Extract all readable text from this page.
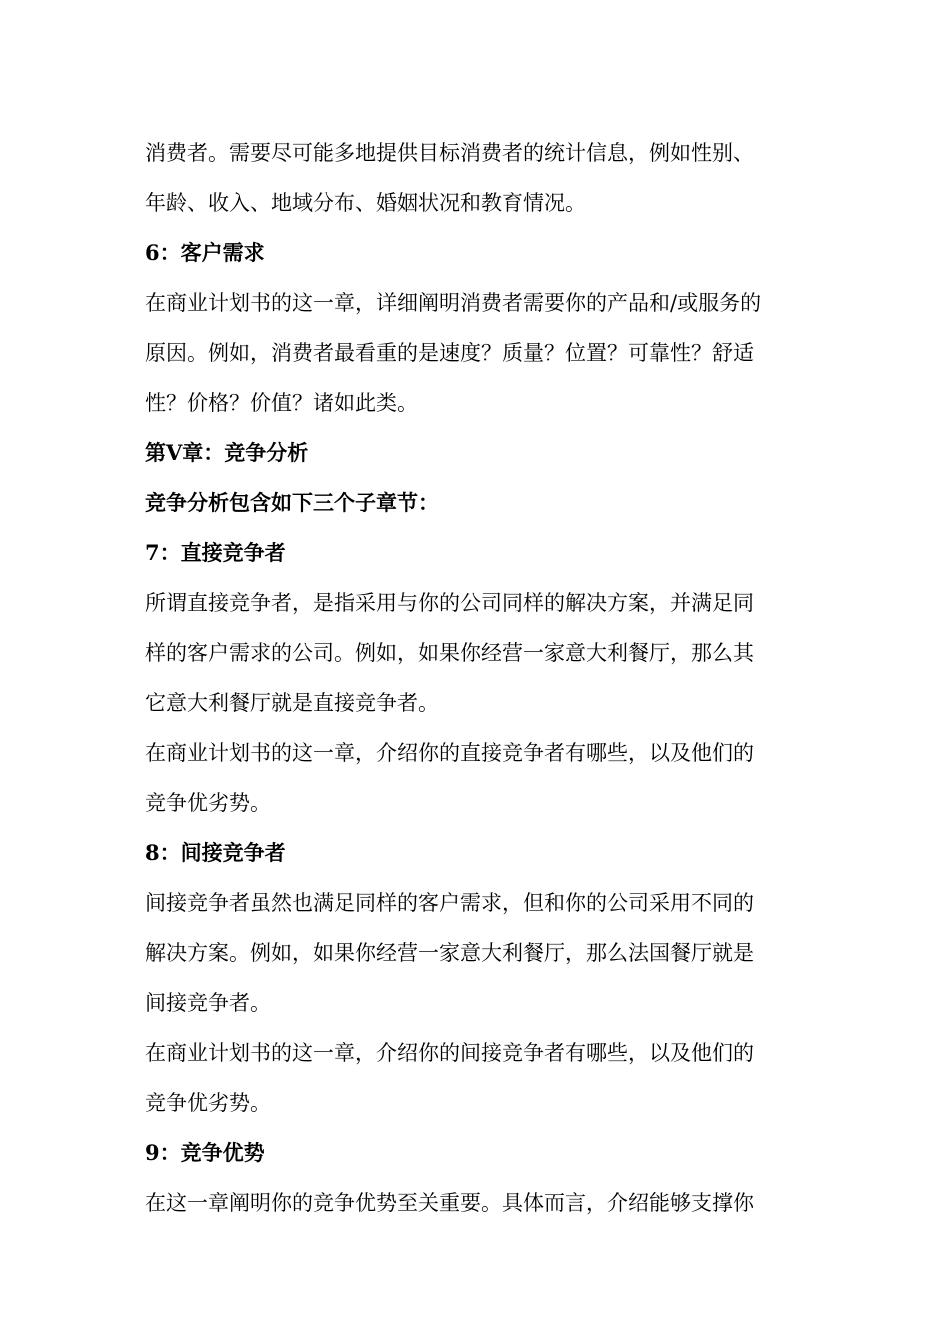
消费者。需要尽可能多地提供目标消费者的统计信息，例如性别、
年龄、收入、地域分布、婚姻状况和教育情况。
6：客户需求
在商业计划书的这一章，详细阐明消费者需要你的产品和/或服务的
原因。例如，消费者最看重的是速度？质量？位置？可靠性？舒适
性？价格？价值？诸如此类。
第Ⅴ章：竞争分析
竞争分析包含如下三个子章节：
7：直接竞争者
所谓直接竞争者，是指采用与你的公司同样的解决方案，并满足同
样的客户需求的公司。例如，如果你经营一家意大利餐厅，那么其
它意大利餐厅就是直接竞争者。
在商业计划书的这一章，介绍你的直接竞争者有哪些，以及他们的
竞争优劣势。
8：间接竞争者
间接竞争者虽然也满足同样的客户需求，但和你的公司采用不同的
解决方案。例如，如果你经营一家意大利餐厅，那么法国餐厅就是
间接竞争者。
在商业计划书的这一章，介绍你的间接竞争者有哪些，以及他们的
竞争优劣势。
9：竞争优势
在这一章阐明你的竞争优势至关重要。具体而言，介绍能够支撑你
